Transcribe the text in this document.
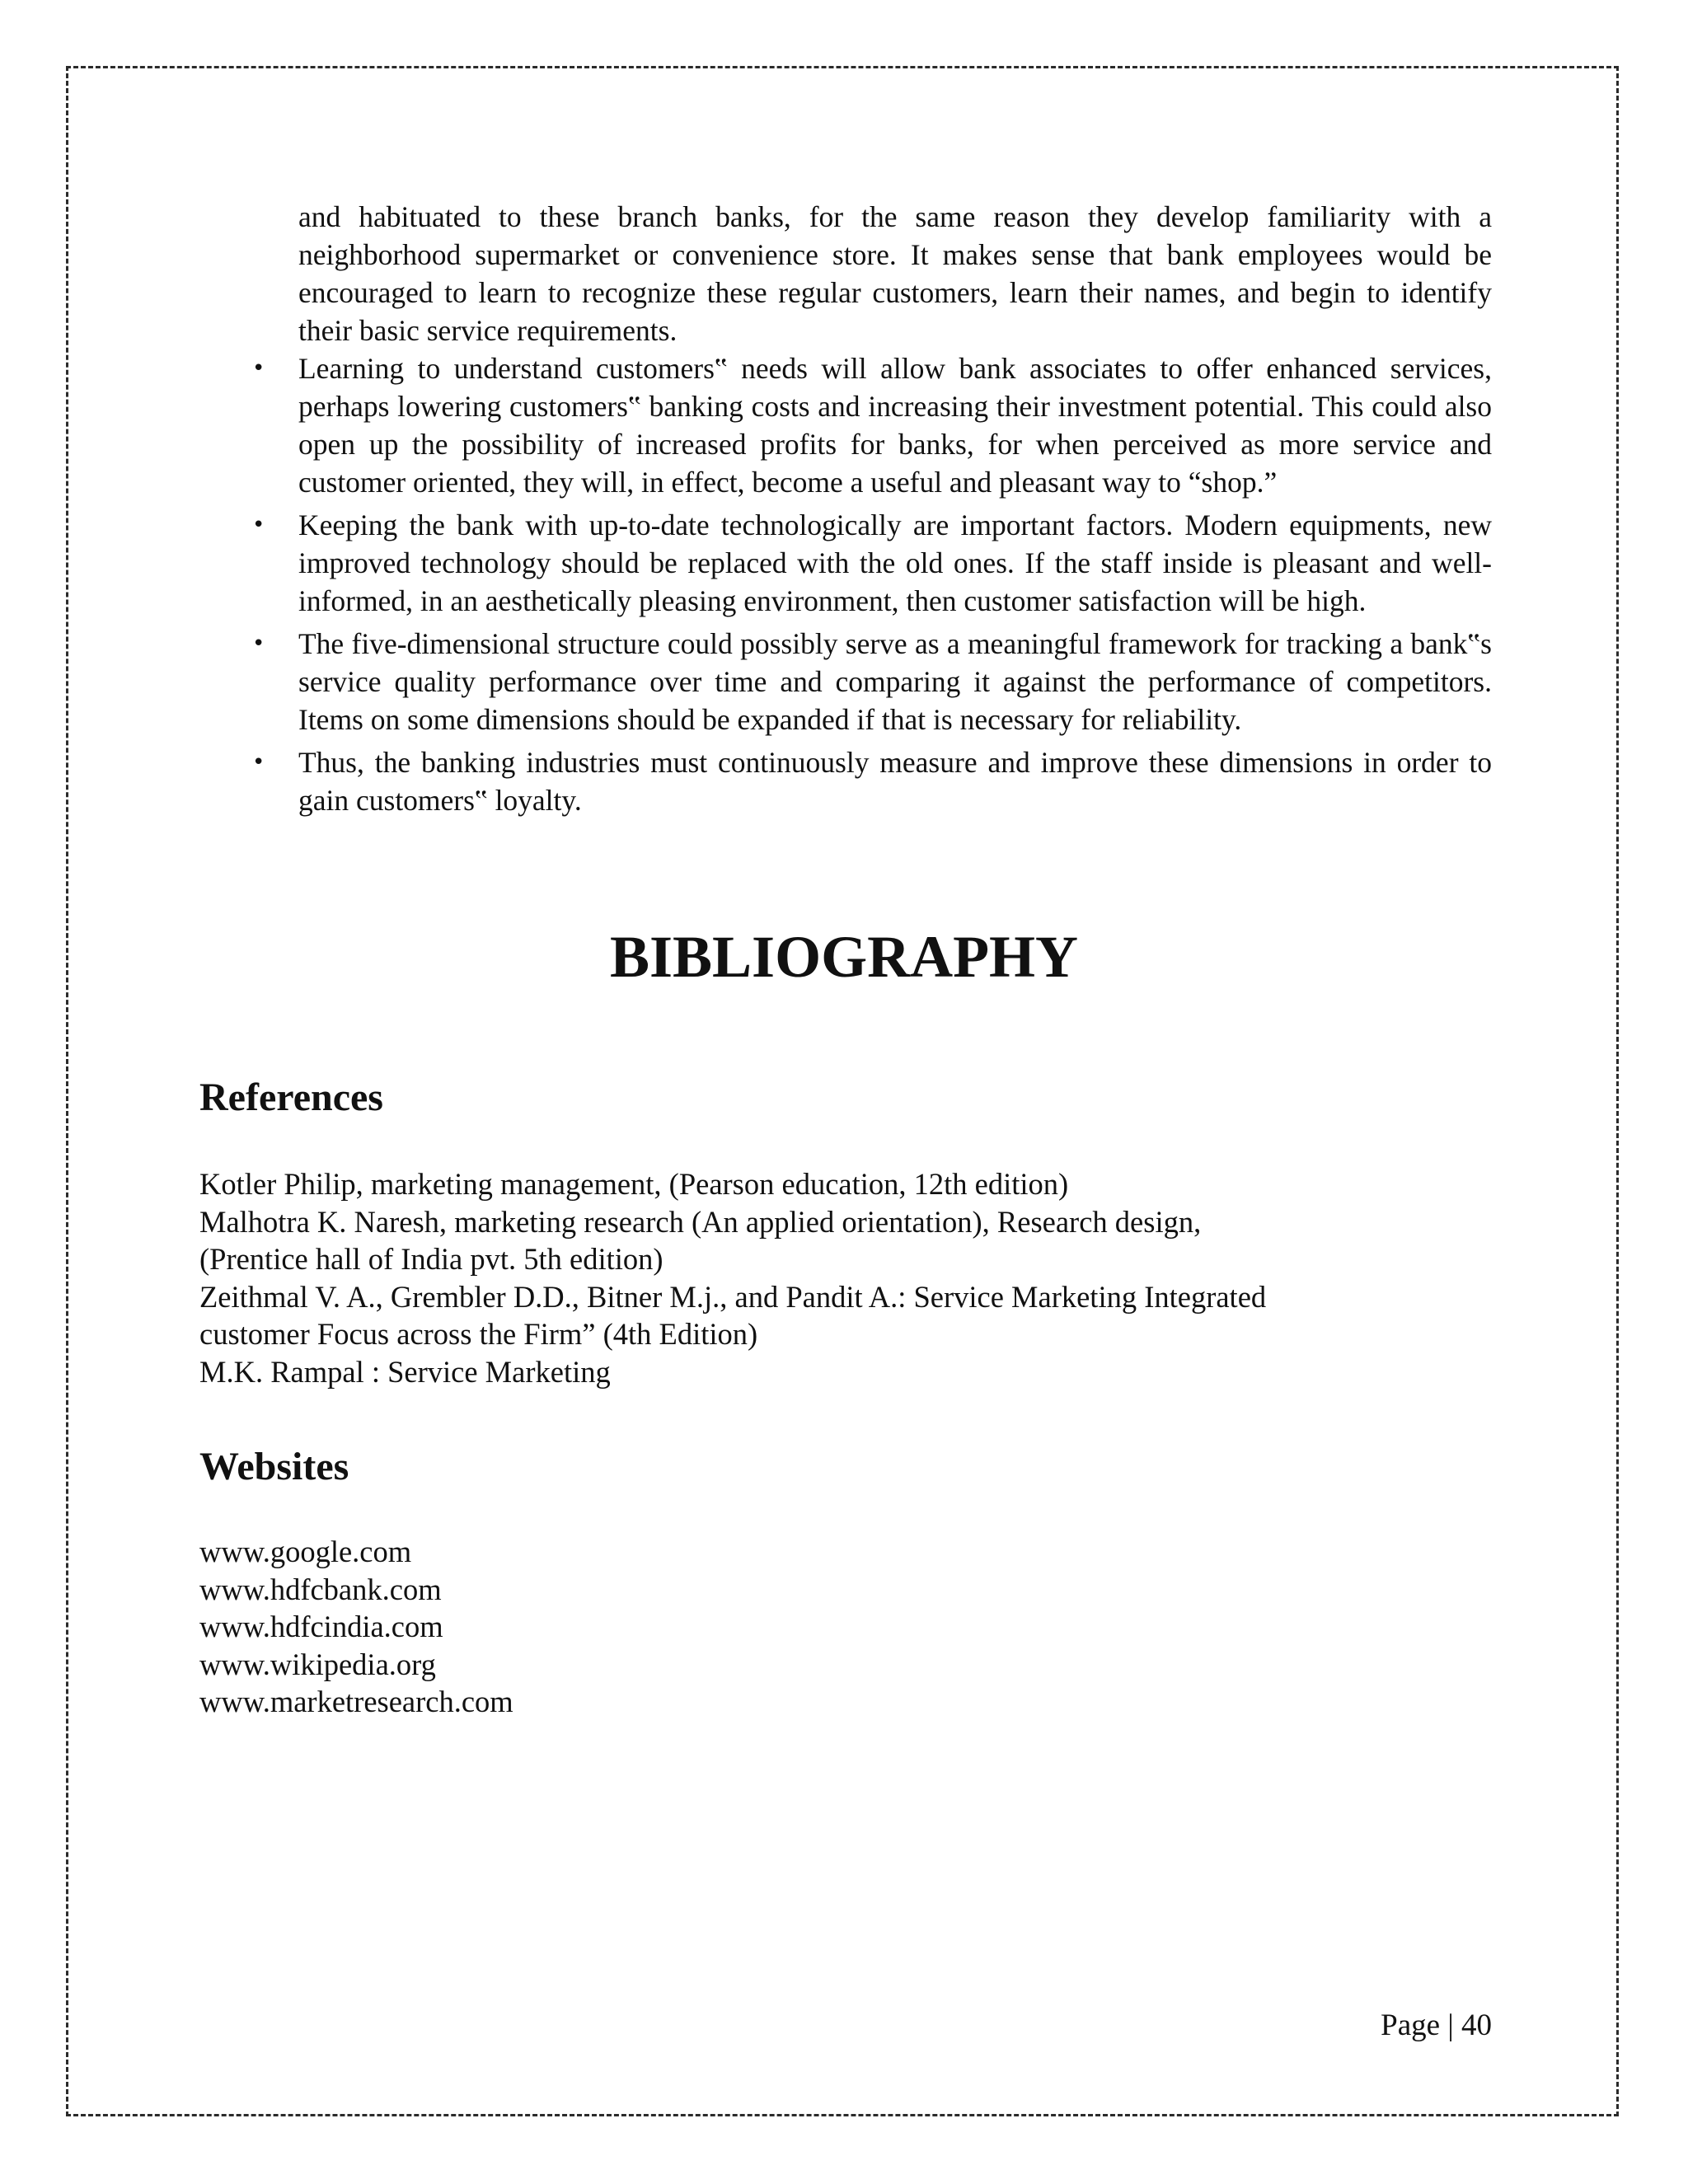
and habituated to these branch banks, for the same reason they develop familiarity with a neighborhood supermarket or convenience store. It makes sense that bank employees would be encouraged to learn to recognize these regular customers, learn their names, and begin to identify their basic service requirements.

• Learning to understand customers‟ needs will allow bank associates to offer enhanced services, perhaps lowering customers‟ banking costs and increasing their investment potential. This could also open up the possibility of increased profits for banks, for when perceived as more service and customer oriented, they will, in effect, become a useful and pleasant way to “shop.”
• Keeping the bank with up-to-date technologically are important factors. Modern equipments, new improved technology should be replaced with the old ones. If the staff inside is pleasant and well-informed, in an aesthetically pleasing environment, then customer satisfaction will be high.
• The five-dimensional structure could possibly serve as a meaningful framework for tracking a bank‟s service quality performance over time and comparing it against the performance of competitors. Items on some dimensions should be expanded if that is necessary for reliability.
• Thus, the banking industries must continuously measure and improve these dimensions in order to gain customers‟ loyalty.
BIBLIOGRAPHY
References
Kotler Philip, marketing management, (Pearson education, 12th edition)
Malhotra K. Naresh, marketing research (An applied orientation), Research design,
(Prentice hall of India pvt. 5th edition)
Zeithmal V. A., Grembler D.D., Bitner M.j., and Pandit A.: Service Marketing Integrated
customer Focus across the Firm” (4th Edition)
M.K. Rampal : Service Marketing
Websites
www.google.com
www.hdfcbank.com
www.hdfcindia.com
www.wikipedia.org
www.marketresearch.com
Page | 40
